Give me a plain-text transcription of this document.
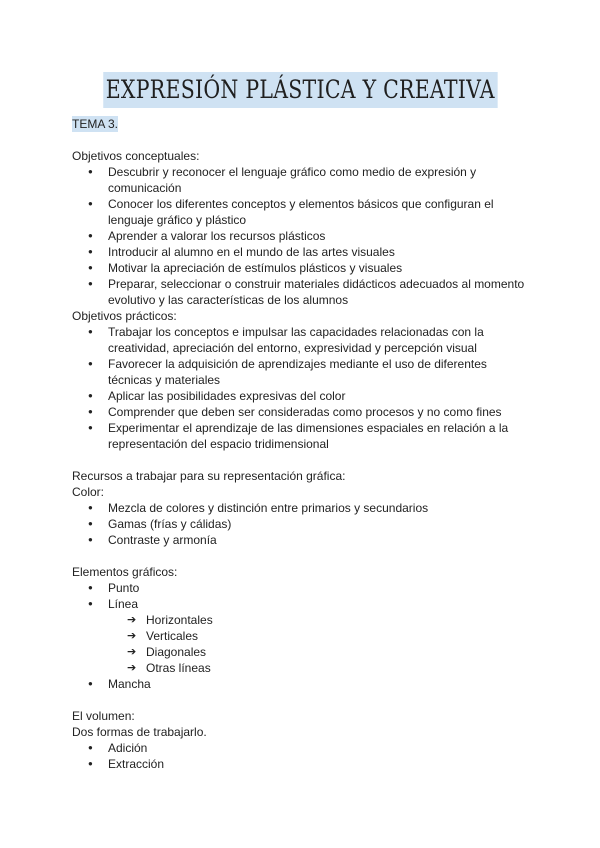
EXPRESIÓN PLÁSTICA Y CREATIVA
TEMA 3.
Objetivos conceptuales:
● Descubrir y reconocer el lenguaje gráfico como medio de expresión y comunicación
● Conocer los diferentes conceptos y elementos básicos que configuran el lenguaje gráfico y plástico
● Aprender a valorar los recursos plásticos
● Introducir al alumno en el mundo de las artes visuales
● Motivar la apreciación de estímulos plásticos y visuales
● Preparar, seleccionar o construir materiales didácticos adecuados al momento evolutivo y las características de los alumnos
Objetivos prácticos:
● Trabajar los conceptos e impulsar las capacidades relacionadas con la creatividad, apreciación del entorno, expresividad y percepción visual
● Favorecer la adquisición de aprendizajes mediante el uso de diferentes técnicas y materiales
● Aplicar las posibilidades expresivas del color
● Comprender que deben ser consideradas como procesos y no como fines
● Experimentar el aprendizaje de las dimensiones espaciales en relación a la representación del espacio tridimensional
Recursos a trabajar para su representación gráfica:
Color:
● Mezcla de colores y distinción entre primarios y secundarios
● Gamas (frías y cálidas)
● Contraste y armonía
Elementos gráficos:
● Punto
● Línea
➔ Horizontales
➔ Verticales
➔ Diagonales
➔ Otras líneas
● Mancha
El volumen:
Dos formas de trabajarlo.
● Adición
● Extracción
